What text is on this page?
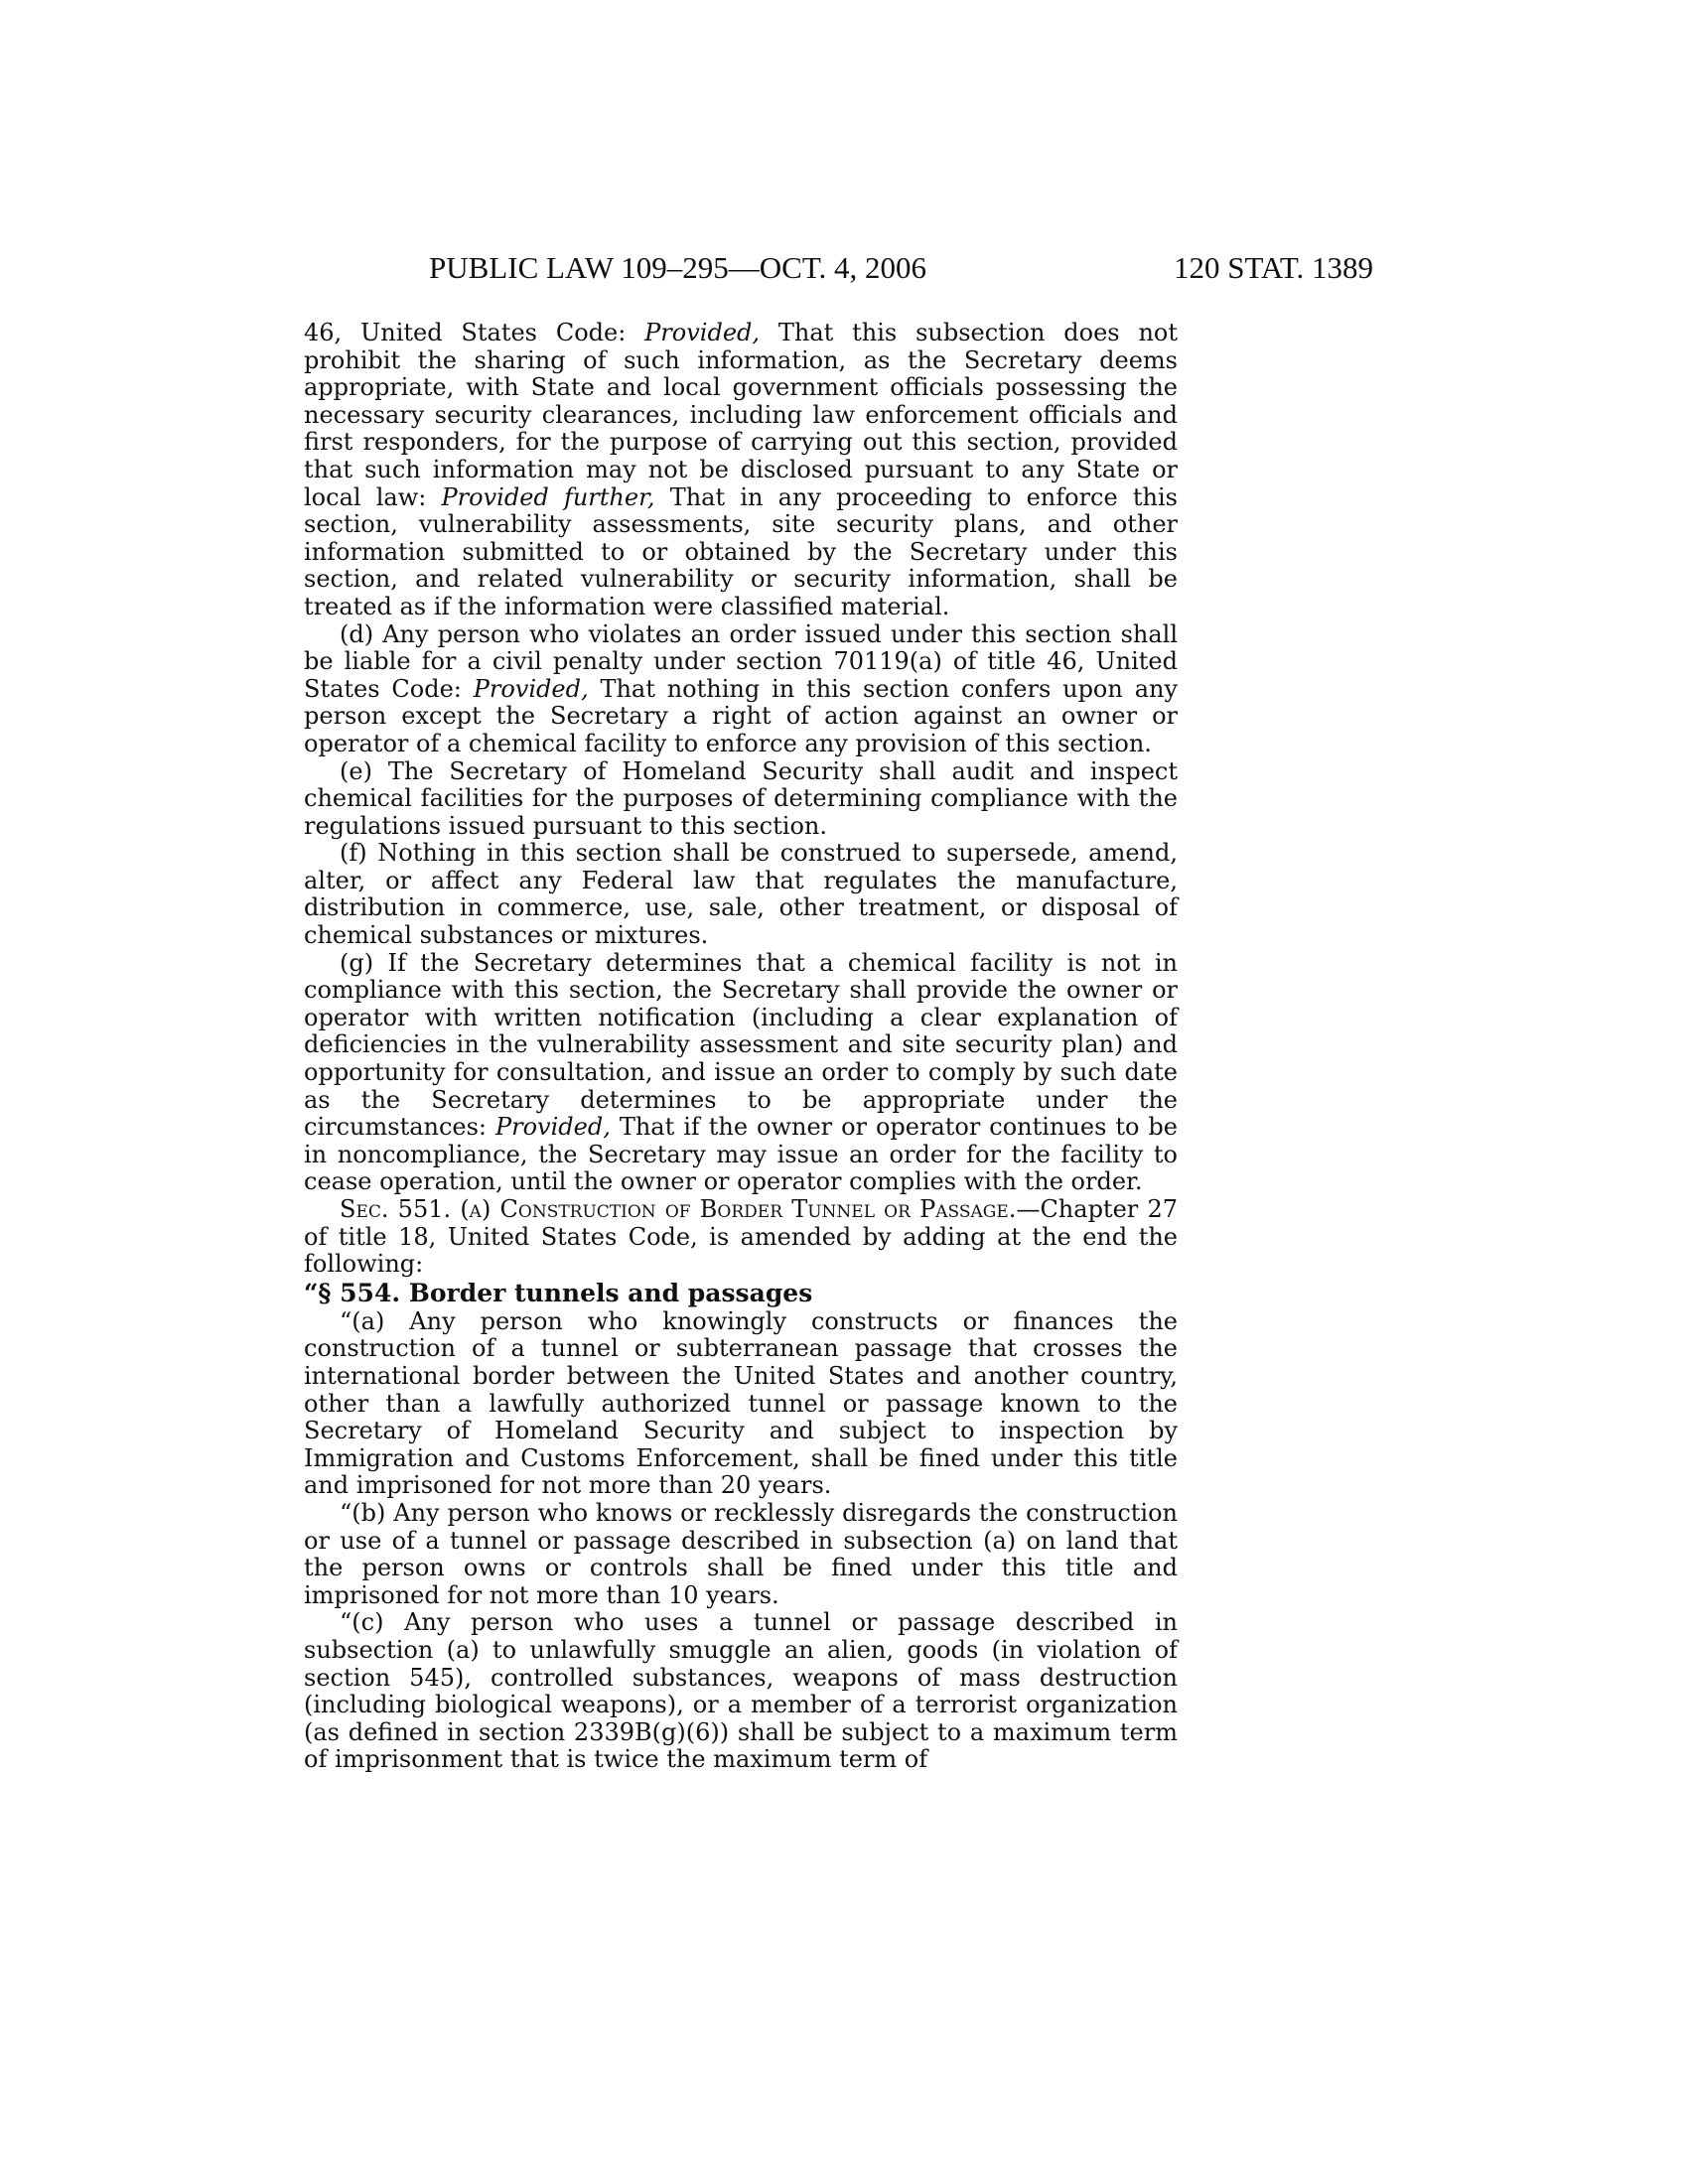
PUBLIC LAW 109–295—OCT. 4, 2006	120 STAT. 1389

46, United States Code: Provided, That this subsection does not prohibit the sharing of such information, as the Secretary deems appropriate, with State and local government officials possessing the necessary security clearances, including law enforcement officials and first responders, for the purpose of carrying out this section, provided that such information may not be disclosed pursuant to any State or local law: Provided further, That in any proceeding to enforce this section, vulnerability assessments, site security plans, and other information submitted to or obtained by the Secretary under this section, and related vulnerability or security information, shall be treated as if the information were classified material.

(d) Any person who violates an order issued under this section shall be liable for a civil penalty under section 70119(a) of title 46, United States Code: Provided, That nothing in this section confers upon any person except the Secretary a right of action against an owner or operator of a chemical facility to enforce any provision of this section.

(e) The Secretary of Homeland Security shall audit and inspect chemical facilities for the purposes of determining compliance with the regulations issued pursuant to this section.

(f) Nothing in this section shall be construed to supersede, amend, alter, or affect any Federal law that regulates the manufacture, distribution in commerce, use, sale, other treatment, or disposal of chemical substances or mixtures.

(g) If the Secretary determines that a chemical facility is not in compliance with this section, the Secretary shall provide the owner or operator with written notification (including a clear explanation of deficiencies in the vulnerability assessment and site security plan) and opportunity for consultation, and issue an order to comply by such date as the Secretary determines to be appropriate under the circumstances: Provided, That if the owner or operator continues to be in noncompliance, the Secretary may issue an order for the facility to cease operation, until the owner or operator complies with the order.

Sec. 551. (a) Construction of Border Tunnel or Passage.—Chapter 27 of title 18, United States Code, is amended by adding at the end the following:

“§ 554. Border tunnels and passages

“(a) Any person who knowingly constructs or finances the construction of a tunnel or subterranean passage that crosses the international border between the United States and another country, other than a lawfully authorized tunnel or passage known to the Secretary of Homeland Security and subject to inspection by Immigration and Customs Enforcement, shall be fined under this title and imprisoned for not more than 20 years.

“(b) Any person who knows or recklessly disregards the construction or use of a tunnel or passage described in subsection (a) on land that the person owns or controls shall be fined under this title and imprisoned for not more than 10 years.

“(c) Any person who uses a tunnel or passage described in subsection (a) to unlawfully smuggle an alien, goods (in violation of section 545), controlled substances, weapons of mass destruction (including biological weapons), or a member of a terrorist organization (as defined in section 2339B(g)(6)) shall be subject to a maximum term of imprisonment that is twice the maximum term of
